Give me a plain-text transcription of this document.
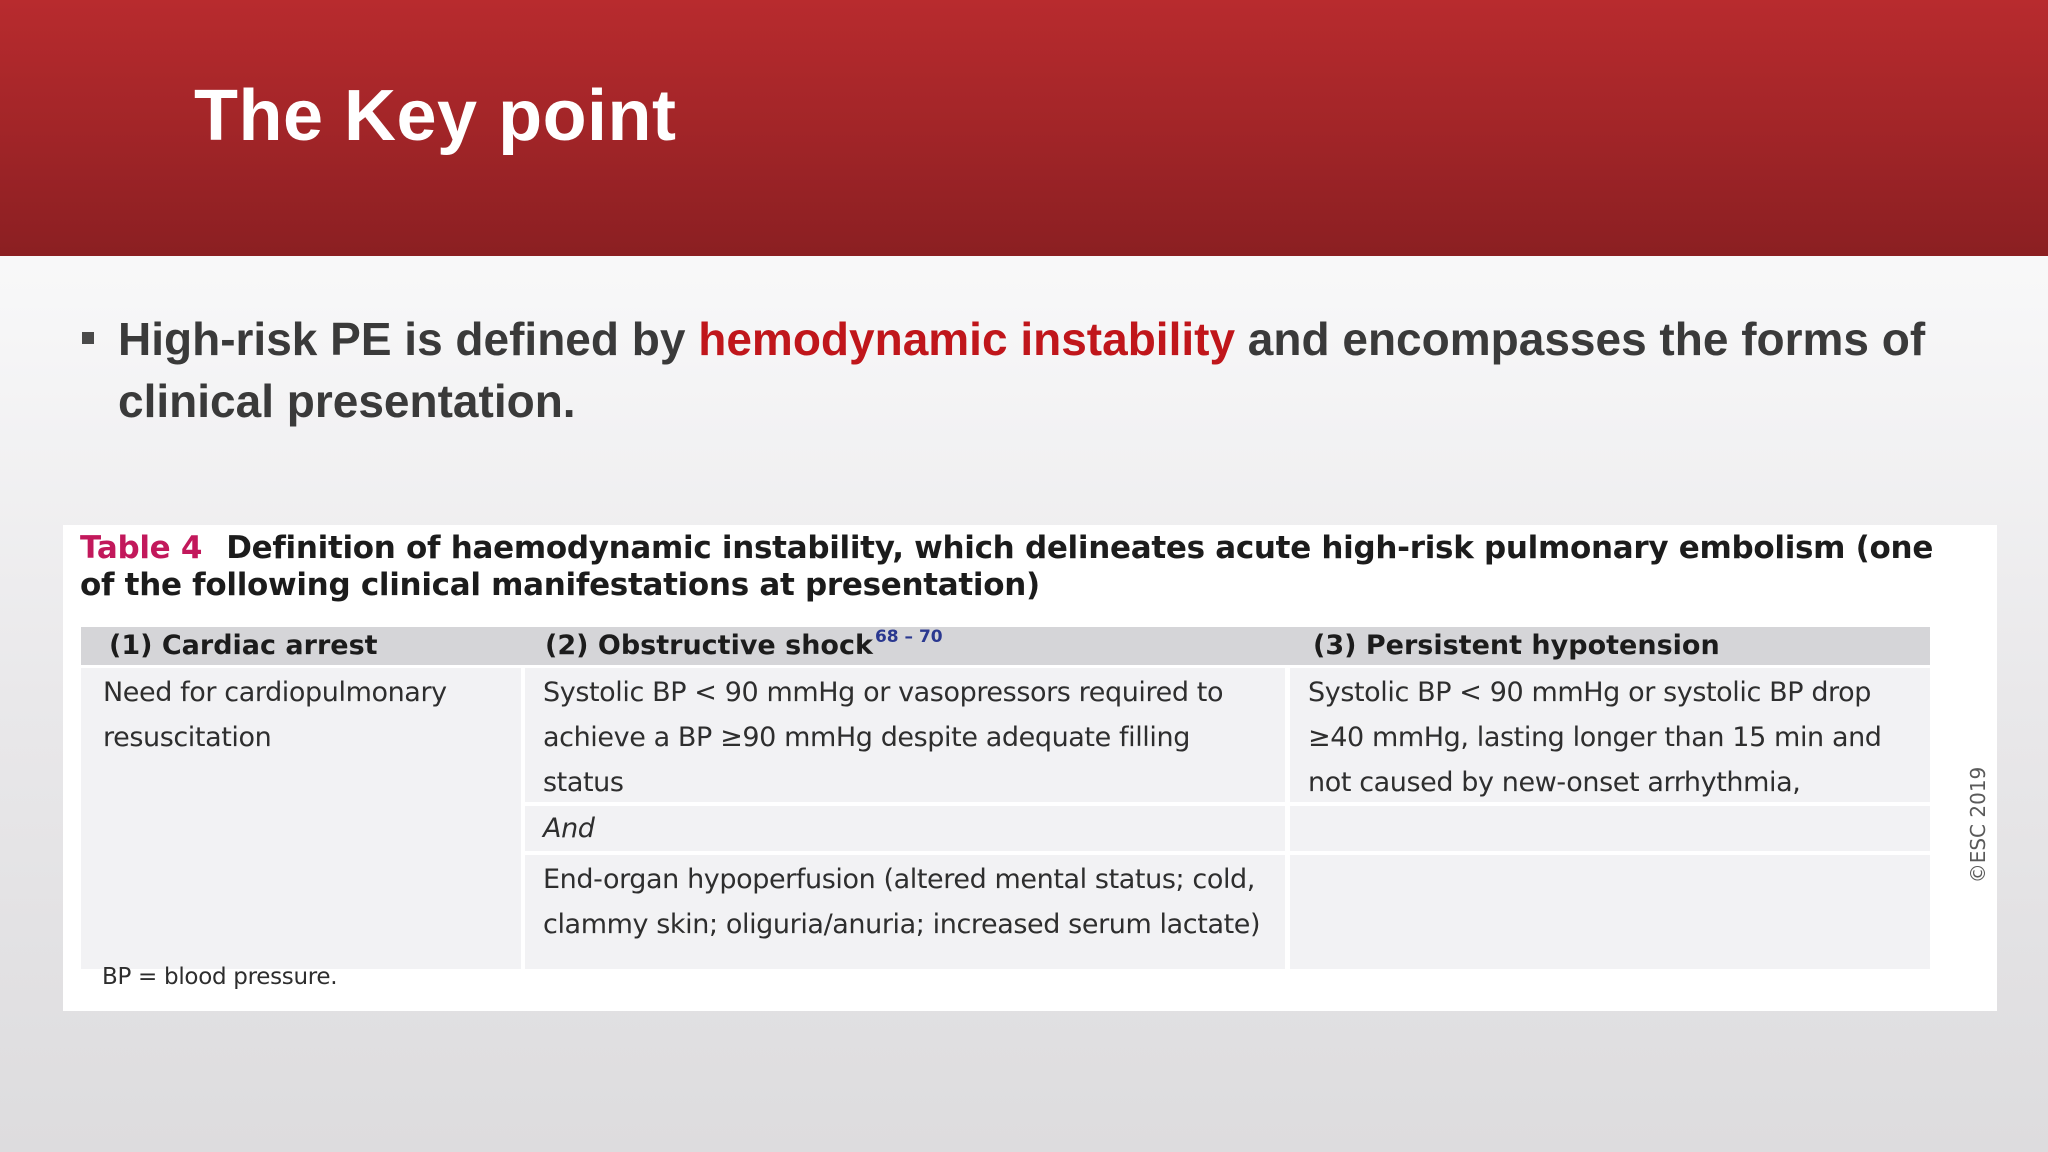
The Key point
High-risk PE is defined by hemodynamic instability and encompasses the forms of clinical presentation.
Table 4 Definition of haemodynamic instability, which delineates acute high-risk pulmonary embolism (one of the following clinical manifestations at presentation)
(1) Cardiac arrest	(2) Obstructive shock $^{68 - 70}$	(3) Persistent hypotension
Need for cardiopulmonary resuscitation
Systolic BP < 90 mmHg or vasopressors required to achieve a BP ≥90 mmHg despite adequate filling status
And
End-organ hypoperfusion (altered mental status; cold, clammy skin; oliguria/anuria; increased serum lactate)
Systolic BP < 90 mmHg or systolic BP drop ≥40 mmHg, lasting longer than 15 min and not caused by new-onset arrhythmia,
BP = blood pressure.
©ESC 2019
